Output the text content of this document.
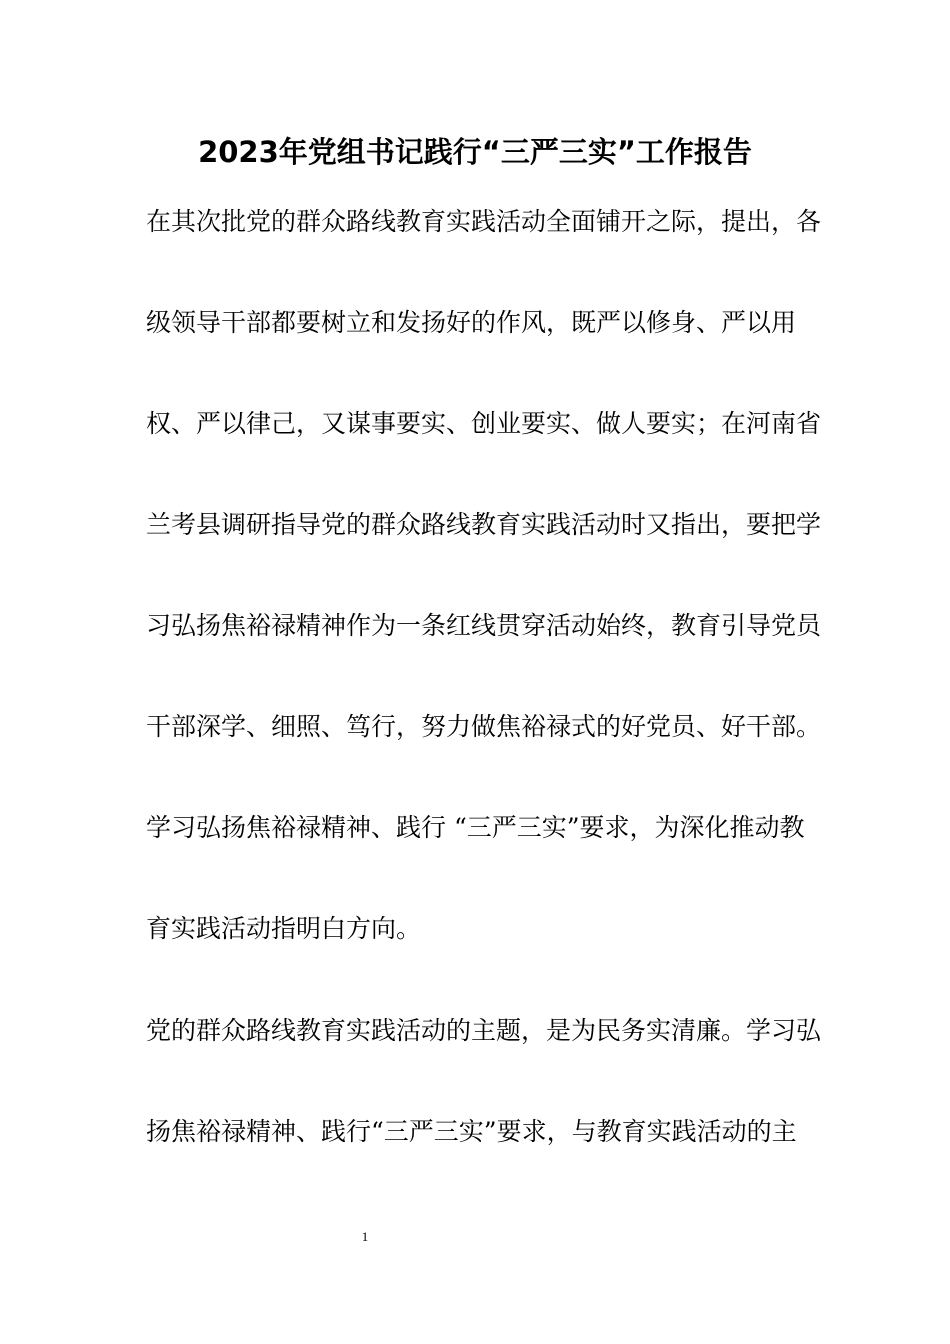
2023年党组书记践行“三严三实”工作报告
在其次批党的群众路线教育实践活动全面铺开之际，提出，各
级领导干部都要树立和发扬好的作风，既严以修身、严以用
权、严以律己，又谋事要实、创业要实、做人要实；在河南省
兰考县调研指导党的群众路线教育实践活动时又指出，要把学
习弘扬焦裕禄精神作为一条红线贯穿活动始终，教育引导党员
干部深学、细照、笃行，努力做焦裕禄式的好党员、好干部。
学习弘扬焦裕禄精神、践行 “三严三实”要求，为深化推动教
育实践活动指明白方向。
党的群众路线教育实践活动的主题，是为民务实清廉。学习弘
扬焦裕禄精神、践行“三严三实”要求，与教育实践活动的主
1
